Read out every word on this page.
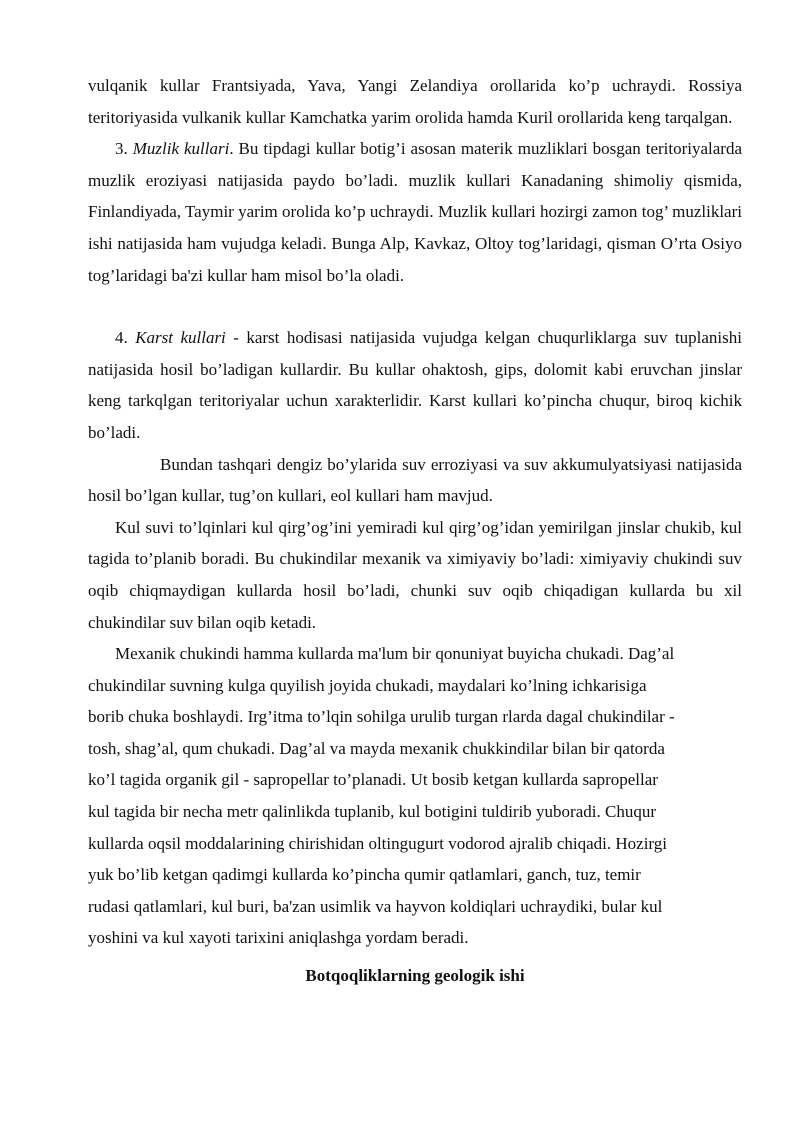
vulqanik kullar Frantsiyada, Yava, Yangi Zelandiya orollarida ko’p uchraydi. Rossiya teritoriyasida vulkanik kullar Kamchatka yarim orolida hamda Kuril orollarida keng tarqalgan.

3. Muzlik kullari. Bu tipdagi kullar botig’i asosan materik muzliklari bosgan teritoriyalarda muzlik eroziyasi natijasida paydo bo’ladi. muzlik kullari Kanadaning shimoliy qismida, Finlandiyada, Taymir yarim orolida ko’p uchraydi. Muzlik kullari hozirgi zamon tog’ muzliklari ishi natijasida ham vujudga keladi. Bunga Alp, Kavkaz, Oltoy tog’laridagi, qisman O’rta Osiyo tog’laridagi ba'zi kullar ham misol bo’la oladi.

4. Karst kullari - karst hodisasi natijasida vujudga kelgan chuqurliklarga suv tuplanishi natijasida hosil bo’ladigan kullardir. Bu kullar ohaktosh, gips, dolomit kabi eruvchan jinslar keng tarkqlgan teritoriyalar uchun xarakterlidir. Karst kullari ko’pincha chuqur, biroq kichik bo’ladi.

Bundan tashqari dengiz bo’ylarida suv erroziyasi va suv akkumulyatsiyasi natijasida hosil bo’lgan kullar, tug’on kullari, eol kullari ham mavjud.

Kul suvi to’lqinlari kul qirg’og’ini yemiradi kul qirg’og’idan yemirilgan jinslar chukib, kul tagida to’planib boradi. Bu chukindilar mexanik va ximiyaviy bo’ladi: ximiyaviy chukindi suv oqib chiqmaydigan kullarda hosil bo’ladi, chunki suv oqib chiqadigan kullarda bu xil chukindilar suv bilan oqib ketadi.

Mexanik chukindi hamma kullarda ma'lum bir qonuniyat buyicha chukadi. Dag’al
chukindilar suvning kulga quyilish joyida chukadi, maydalari ko’lning ichkarisiga
borib chuka boshlaydi. Irg’itma to’lqin sohilga urulib turgan rlarda dagal chukindilar -
tosh, shag’al, qum chukadi. Dag’al va mayda mexanik chukkindilar bilan bir qatorda
ko’l tagida organik gil - sapropellar to’planadi. Ut bosib ketgan kullarda sapropellar
kul tagida bir necha metr qalinlikda tuplanib, kul botigini tuldirib yuboradi. Chuqur
kullarda oqsil moddalarining chirishidan oltingugurt vodorod ajralib chiqadi. Hozirgi
yuk bo’lib ketgan qadimgi kullarda ko’pincha qumir qatlamlari, ganch, tuz, temir
rudasi qatlamlari, kul buri, ba'zan usimlik va hayvon koldiqlari uchraydiki, bular kul
yoshini va kul xayoti tarixini aniqlashga yordam beradi.

Botqoqliklarning geologik ishi
